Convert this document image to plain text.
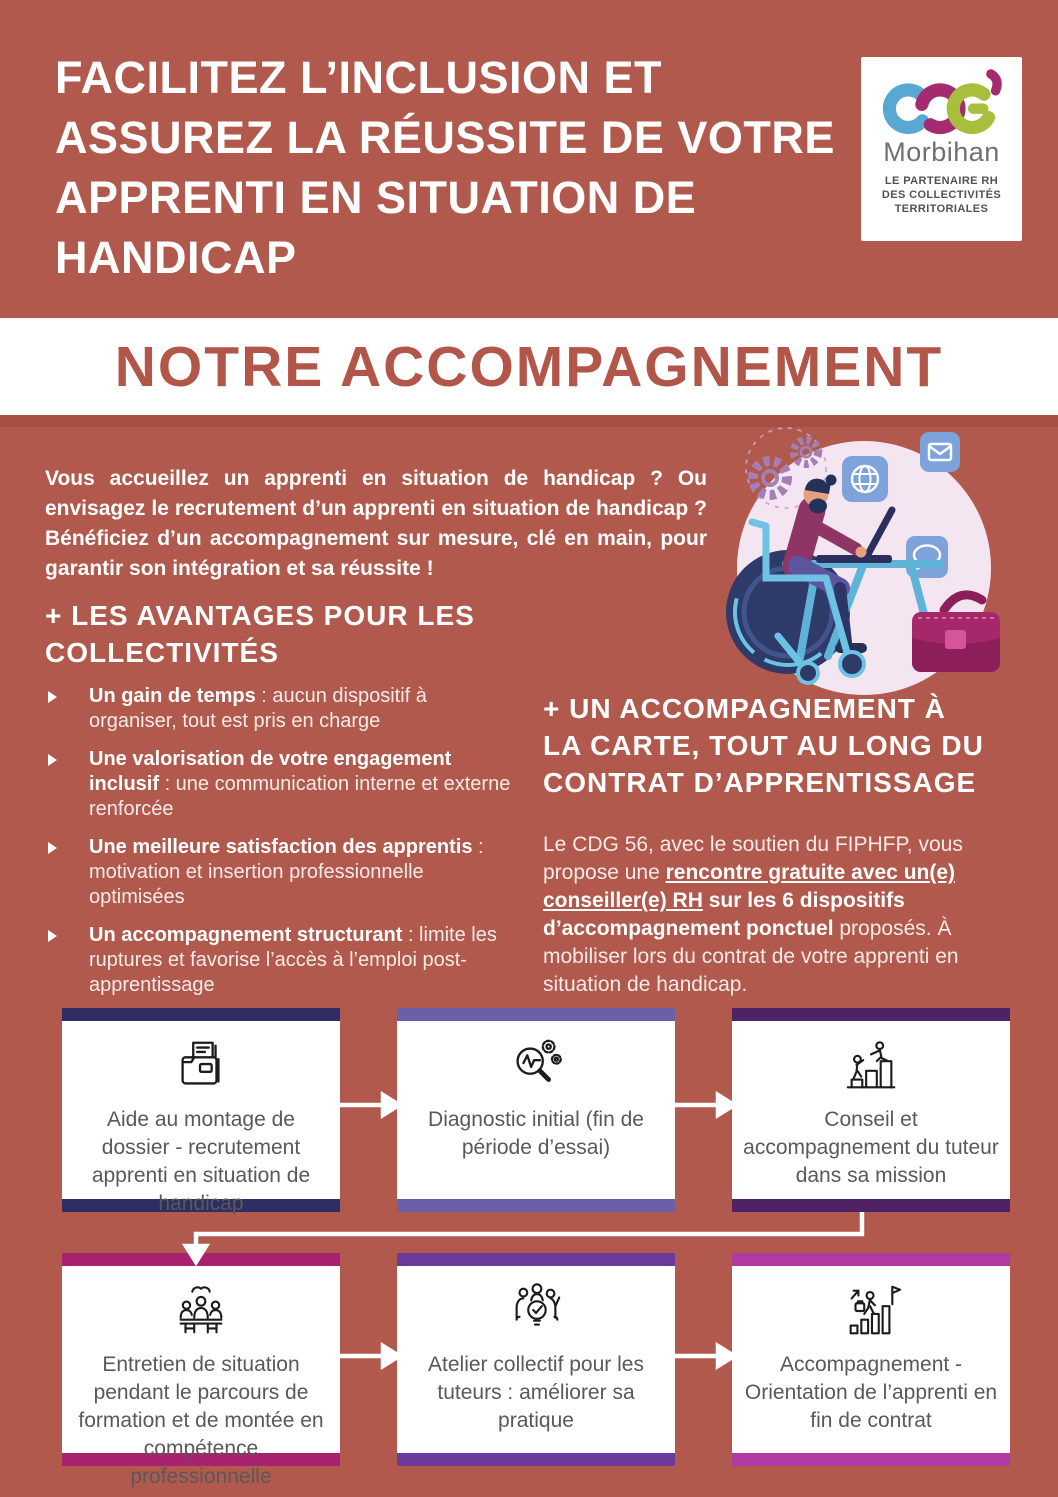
FACILITEZ L’INCLUSION ET
ASSUREZ LA RÉUSSITE DE VOTRE
APPRENTI EN SITUATION DE
HANDICAP
Morbihan
LE PARTENAIRE RH
DES COLLECTIVITÉS
TERRITORIALES
NOTRE ACCOMPAGNEMENT

Vous accueillez un apprenti en situation de handicap ? Ou envisagez le recrutement d’un apprenti en situation de handicap ? Bénéficiez d’un accompagnement sur mesure, clé en main, pour garantir son intégration et sa réussite !

+ LES AVANTAGES POUR LES
COLLECTIVITÉS
Un gain de temps : aucun dispositif à organiser, tout est pris en charge
Une valorisation de votre engagement inclusif : une communication interne et externe renforcée
Une meilleure satisfaction des apprentis : motivation et insertion professionnelle optimisées
Un accompagnement structurant : limite les ruptures et favorise l’accès à l’emploi post-apprentissage
+ UN ACCOMPAGNEMENT À
LA CARTE, TOUT AU LONG DU
CONTRAT D’APPRENTISSAGE

Le CDG 56, avec le soutien du FIPHFP, vous propose une rencontre gratuite avec un(e) conseiller(e) RH sur les 6 dispositifs d’accompagnement ponctuel proposés. À mobiliser lors du contrat de votre apprenti en situation de handicap.

Aide au montage de dossier - recrutement apprenti en situation de handicap
Diagnostic initial (fin de période d’essai)
Conseil et accompagnement du tuteur dans sa mission
Entretien de situation pendant le parcours de formation et de montée en compétence professionnelle
Atelier collectif pour les tuteurs : améliorer sa pratique
Accompagnement - Orientation de l’apprenti en fin de contrat
